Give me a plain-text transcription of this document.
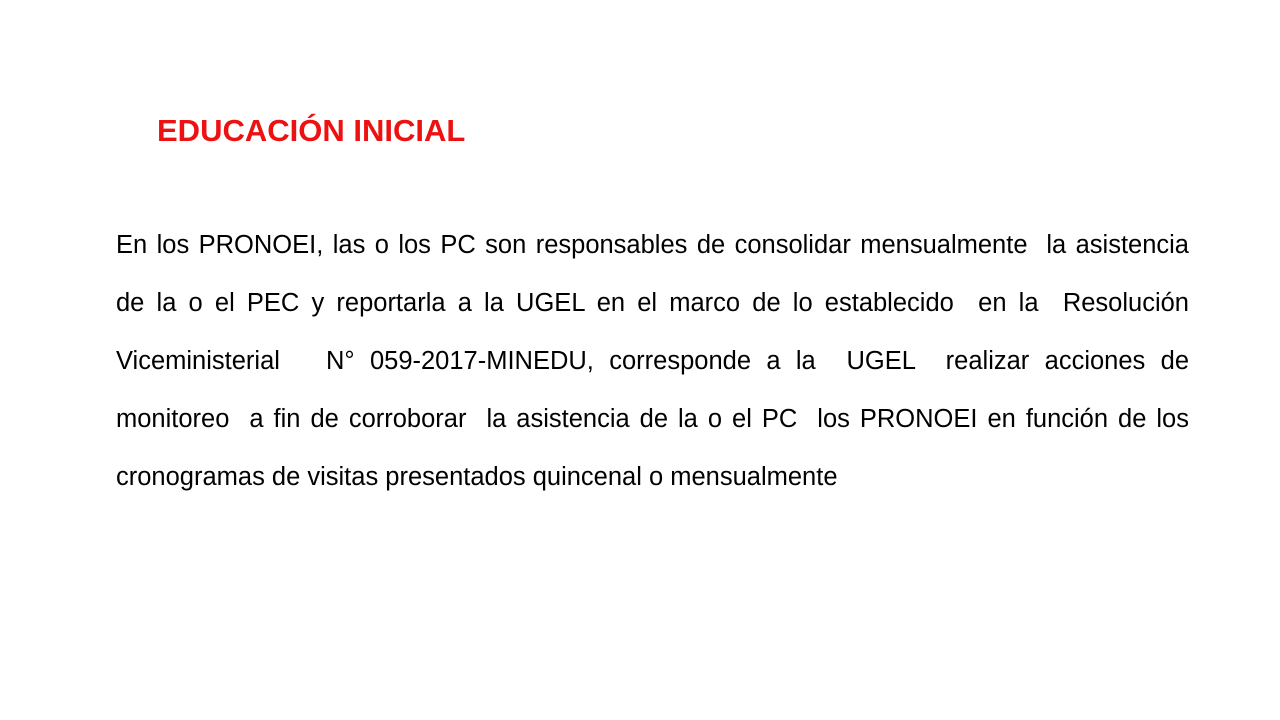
EDUCACIÓN INICIAL

En los PRONOEI, las o los PC son responsables de consolidar mensualmente  la asistencia de la o el PEC y reportarla a la UGEL en el marco de lo establecido  en la  Resolución Viceministerial   N° 059-2017-MINEDU, corresponde a la  UGEL  realizar acciones de monitoreo  a fin de corroborar  la asistencia de la o el PC  los PRONOEI en función de los cronogramas de visitas presentados quincenal o mensualmente
